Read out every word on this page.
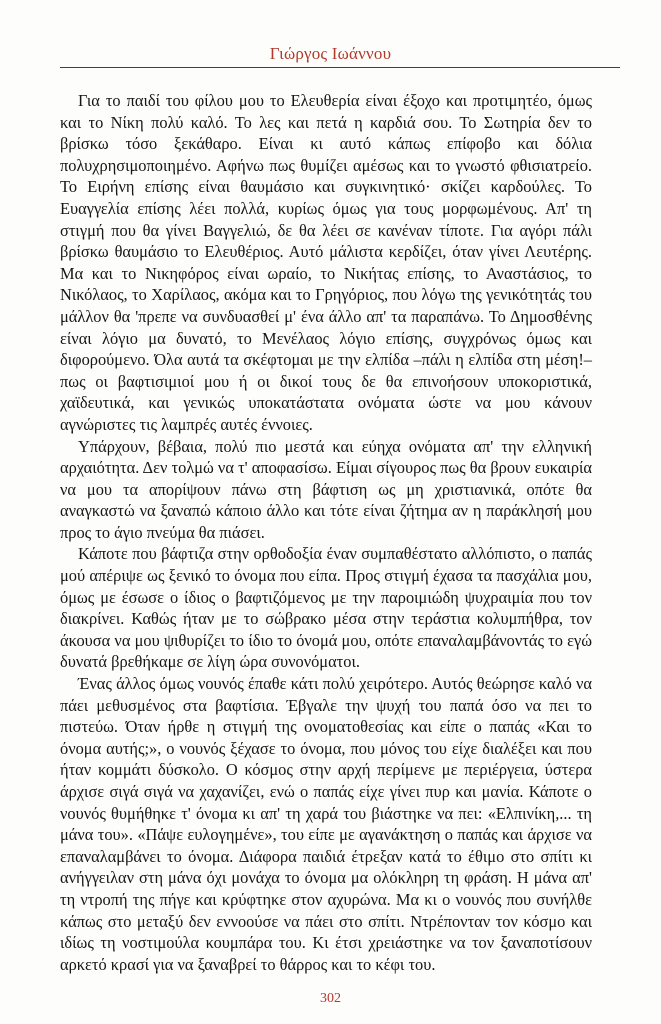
Γιώργος Ιωάννου

Για το παιδί του φίλου μου το Ελευθερία είναι έξοχο και προτιμητέο, όμως και το Νίκη πολύ καλό. Το λες και πετά η καρδιά σου. Το Σωτηρία δεν το βρίσκω τόσο ξεκάθαρο. Είναι κι αυτό κάπως επίφοβο και δόλια πολυχρησιμοποιημένο. Αφήνω πως θυμίζει αμέσως και το γνωστό φθισιατρείο. Το Ειρήνη επίσης είναι θαυμάσιο και συγκινητικό· σκίζει καρδούλες. Το Ευαγγελία επίσης λέει πολλά, κυρίως όμως για τους μορφωμένους. Απ' τη στιγμή που θα γίνει Βαγγελιώ, δε θα λέει σε κανέναν τίποτε. Για αγόρι πάλι βρίσκω θαυμάσιο το Ελευθέριος. Αυτό μάλιστα κερδίζει, όταν γίνει Λευτέρης. Μα και το Νικηφόρος είναι ωραίο, το Νικήτας επίσης, το Αναστάσιος, το Νικόλαος, το Χαρίλαος, ακόμα και το Γρηγόριος, που λόγω της γενικότητάς του μάλλον θα 'πρεπε να συνδυασθεί μ' ένα άλλο απ' τα παραπάνω. Το Δημοσθένης είναι λόγιο μα δυνατό, το Μενέλαος λόγιο επίσης, συγχρόνως όμως και διφορούμενο. Όλα αυτά τα σκέφτομαι με την ελπίδα –πάλι η ελπίδα στη μέση!– πως οι βαφτισιμιοί μου ή οι δικοί τους δε θα επινοήσουν υποκοριστικά, χαϊδευτικά, και γενικώς υποκατάστατα ονόματα ώστε να μου κάνουν αγνώριστες τις λαμπρές αυτές έννοιες.

Υπάρχουν, βέβαια, πολύ πιο μεστά και εύηχα ονόματα απ' την ελληνική αρχαιότητα. Δεν τολμώ να τ' αποφασίσω. Είμαι σίγουρος πως θα βρουν ευκαιρία να μου τα απορίψουν πάνω στη βάφτιση ως μη χριστιανικά, οπότε θα αναγκαστώ να ξαναπώ κάποιο άλλο και τότε είναι ζήτημα αν η παράκλησή μου προς το άγιο πνεύμα θα πιάσει.

Κάποτε που βάφτιζα στην ορθοδοξία έναν συμπαθέστατο αλλόπιστο, ο παπάς μού απέριψε ως ξενικό το όνομα που είπα. Προς στιγμή έχασα τα πασχάλια μου, όμως με έσωσε ο ίδιος ο βαφτιζόμενος με την παροιμιώδη ψυχραιμία που τον διακρίνει. Καθώς ήταν με το σώβρακο μέσα στην τεράστια κολυμπήθρα, τον άκουσα να μου ψιθυρίζει το ίδιο το όνομά μου, οπότε επαναλαμβάνοντάς το εγώ δυνατά βρεθήκαμε σε λίγη ώρα συνονόματοι.

Ένας άλλος όμως νουνός έπαθε κάτι πολύ χειρότερο. Αυτός θεώρησε καλό να πάει μεθυσμένος στα βαφτίσια. Έβγαλε την ψυχή του παπά όσο να πει το πιστεύω. Όταν ήρθε η στιγμή της ονοματοθεσίας και είπε ο παπάς «Και το όνομα αυτής;», ο νουνός ξέχασε το όνομα, που μόνος του είχε διαλέξει και που ήταν κομμάτι δύσκολο. Ο κόσμος στην αρχή περίμενε με περιέργεια, ύστερα άρχισε σιγά σιγά να χαχανίζει, ενώ ο παπάς είχε γίνει πυρ και μανία. Κάποτε ο νουνός θυμήθηκε τ' όνομα κι απ' τη χαρά του βιάστηκε να πει: «Ελπινίκη,... τη μάνα του». «Πάψε ευλογημένε», του είπε με αγανάκτηση ο παπάς και άρχισε να επαναλαμβάνει το όνομα. Διάφορα παιδιά έτρεξαν κατά το έθιμο στο σπίτι κι ανήγγειλαν στη μάνα όχι μονάχα το όνομα μα ολόκληρη τη φράση. Η μάνα απ' τη ντροπή της πήγε και κρύφτηκε στον αχυρώνα. Μα κι ο νουνός που συνήλθε κάπως στο μεταξύ δεν εννοούσε να πάει στο σπίτι. Ντρέπονταν τον κόσμο και ιδίως τη νοστιμούλα κουμπάρα του. Κι έτσι χρειάστηκε να τον ξαναποτίσουν αρκετό κρασί για να ξαναβρεί το θάρρος και το κέφι του.

302
